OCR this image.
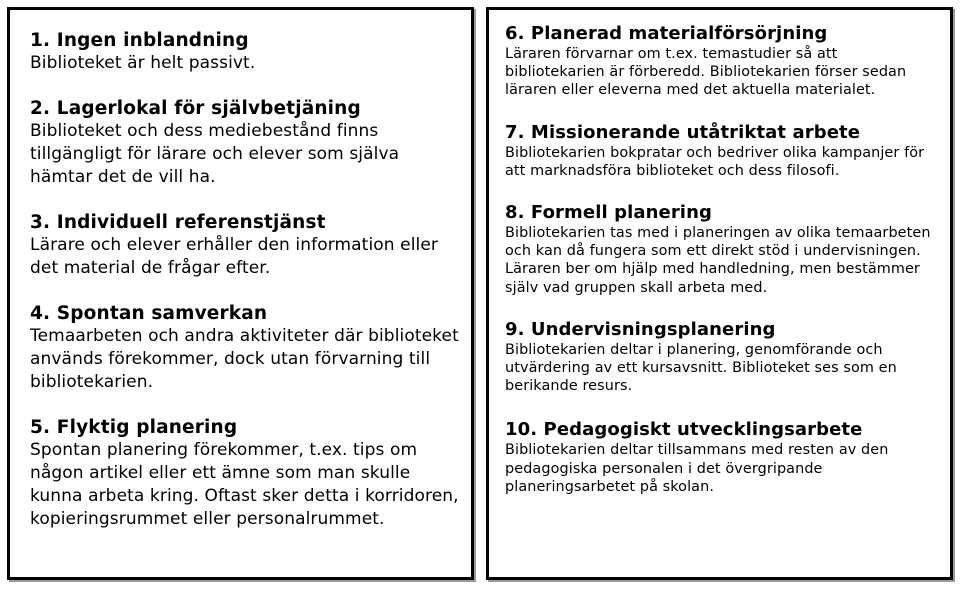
1. Ingen inblandning
Biblioteket är helt passivt.
2. Lagerlokal för självbetjäning
Biblioteket och dess mediebestånd finns tillgängligt för lärare och elever som själva hämtar det de vill ha.
3. Individuell referenstjänst
Lärare och elever erhåller den information eller det material de frågar efter.
4. Spontan samverkan
Temaarbeten och andra aktiviteter där biblioteket används förekommer, dock utan förvarning till bibliotekarien.
5. Flyktig planering
Spontan planering förekommer, t.ex. tips om någon artikel eller ett ämne som man skulle kunna arbeta kring. Oftast sker detta i korridoren, kopieringsrummet eller personalrummet.
6. Planerad materialförsörjning
Läraren förvarnar om t.ex. temastudier så att bibliotekarien är förberedd. Bibliotekarien förser sedan läraren eller eleverna med det aktuella materialet.
7. Missionerande utåtriktat arbete
Bibliotekarien bokpratar och bedriver olika kampanjer för att marknadsföra biblioteket och dess filosofi.
8. Formell planering
Bibliotekarien tas med i planeringen av olika temaarbeten och kan då fungera som ett direkt stöd i undervisningen. Läraren ber om hjälp med handledning, men bestämmer själv vad gruppen skall arbeta med.
9. Undervisningsplanering
Bibliotekarien deltar i planering, genomförande och utvärdering av ett kursavsnitt. Biblioteket ses som en berikande resurs.
10. Pedagogiskt utvecklingsarbete
Bibliotekarien deltar tillsammans med resten av den pedagogiska personalen i det övergripande planeringsarbetet på skolan.
